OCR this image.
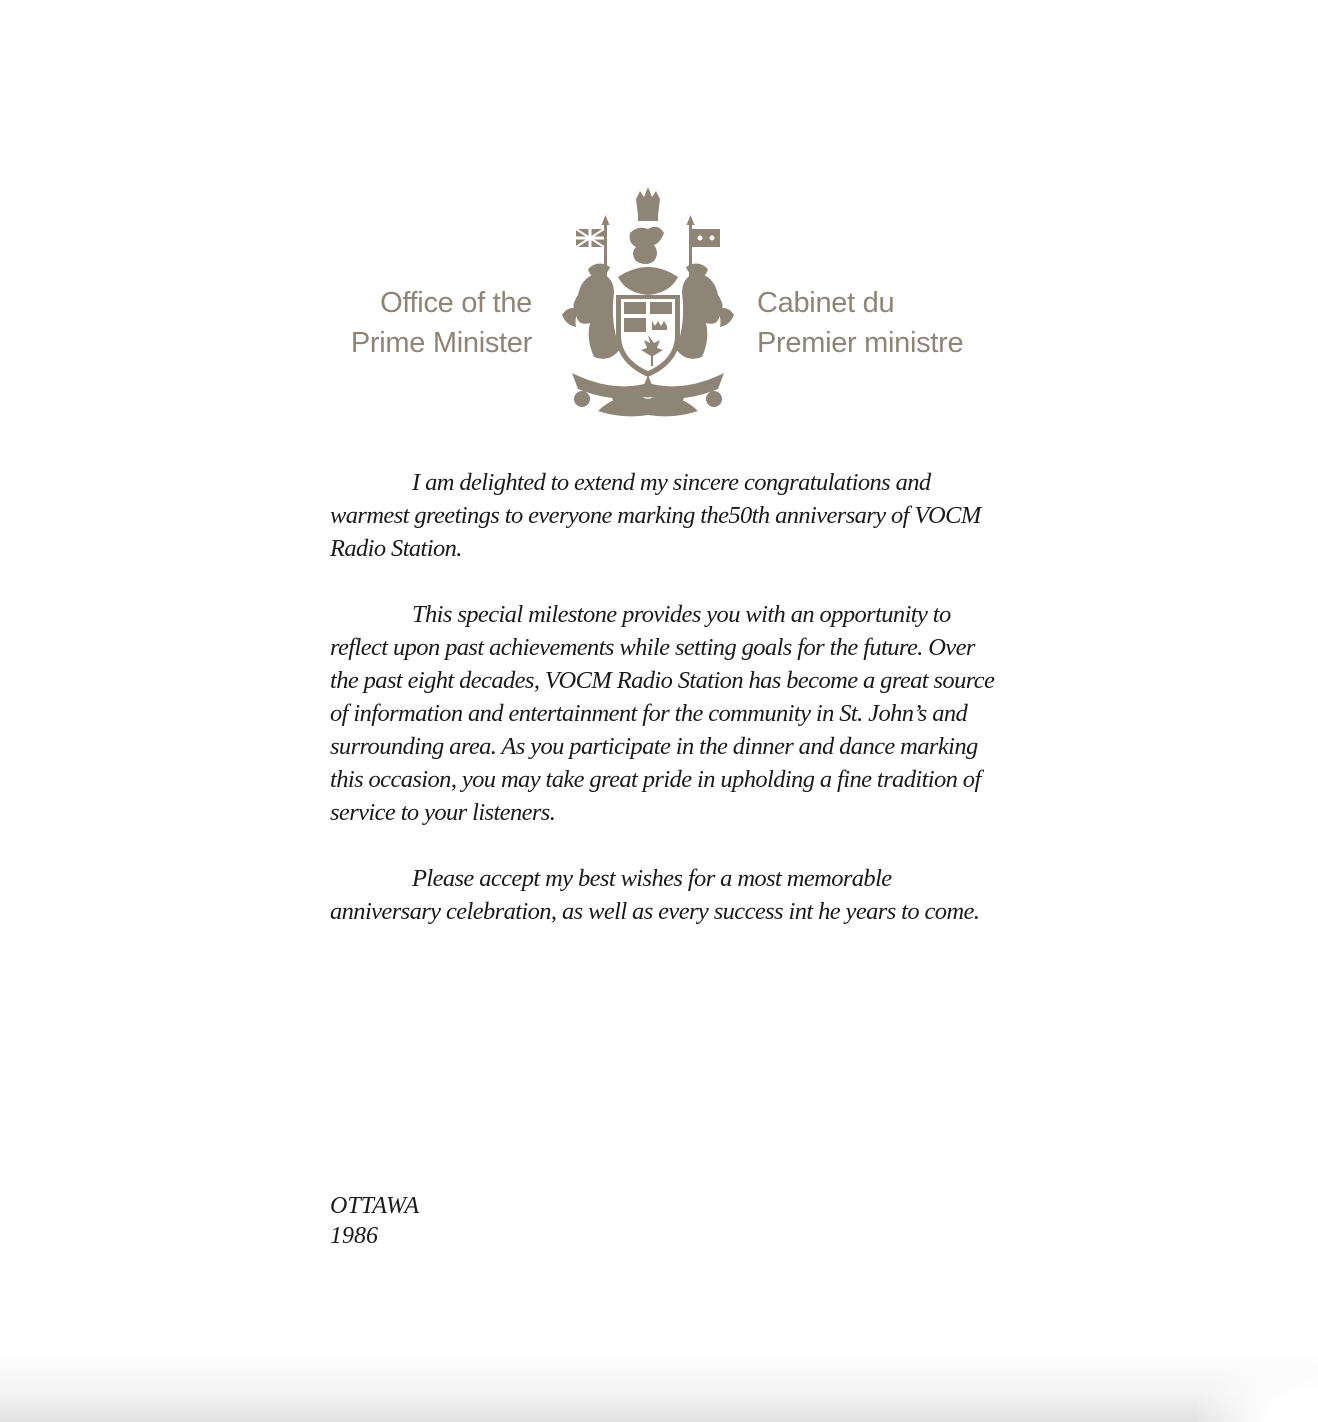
Office of the
Prime Minister
Cabinet du
Premier ministre

I am delighted to extend my sincere congratulations and warmest greetings to everyone marking the50th anniversary of VOCM Radio Station.

This special milestone provides you with an opportunity to reflect upon past achievements while setting goals for the future. Over the past eight decades, VOCM Radio Station has become a great source of information and entertainment for the community in St. John’s and surrounding area. As you participate in the dinner and dance marking this occasion, you may take great pride in upholding a fine tradition of service to your listeners.

Please accept my best wishes for a most memorable anniversary celebration, as well as every success int he years to come.

OTTAWA
1986
